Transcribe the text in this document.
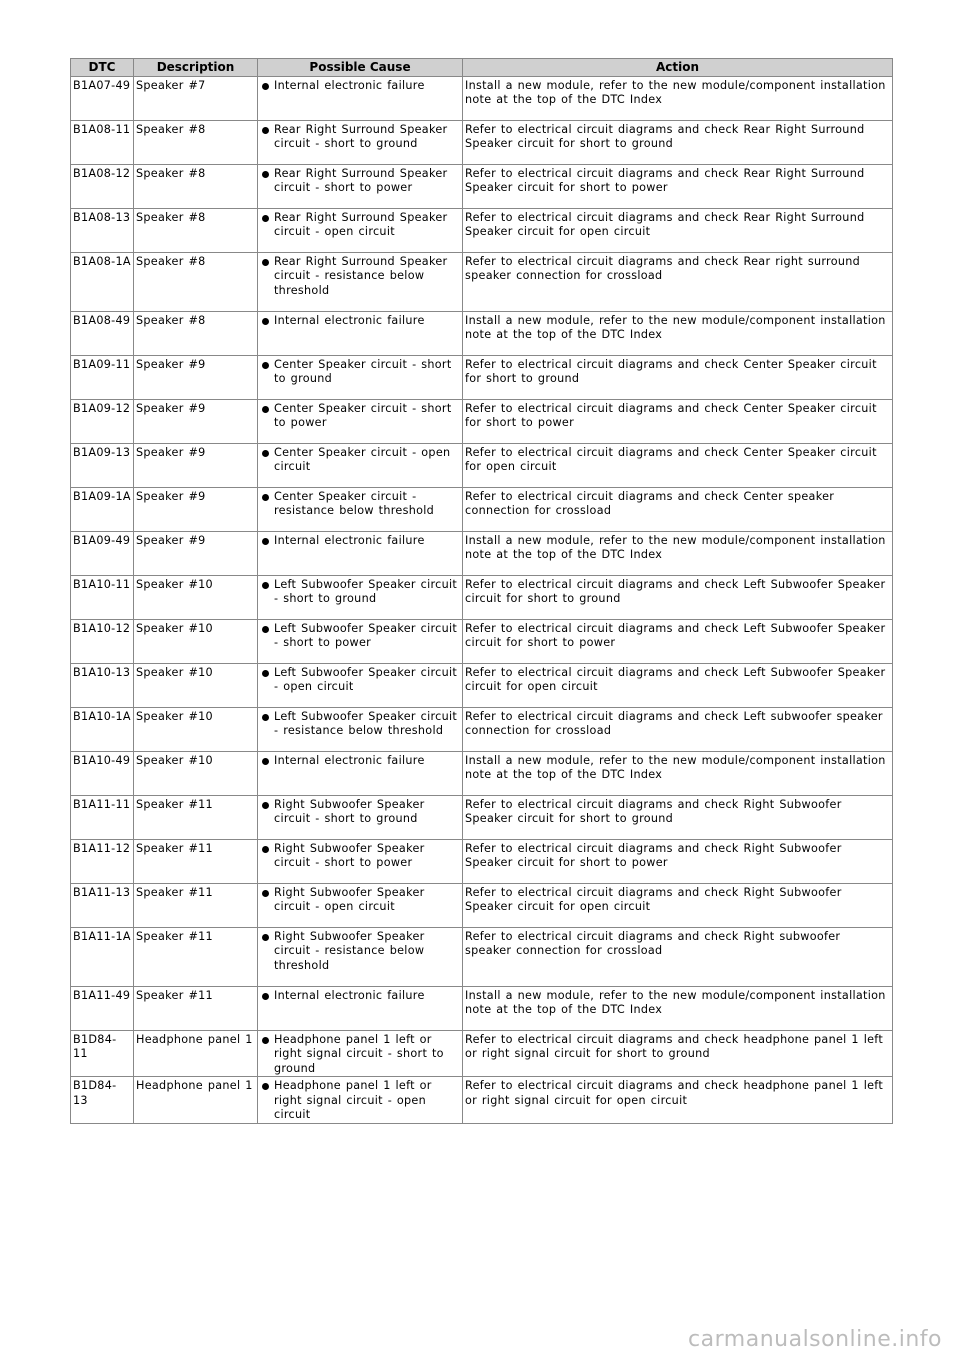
DTC	Description	Possible Cause	Action
B1A07-49	Speaker #7	Internal electronic failure	Install a new module, refer to the new module/component installation note at the top of the DTC Index
B1A08-11	Speaker #8	Rear Right Surround Speaker circuit - short to ground	Refer to electrical circuit diagrams and check Rear Right Surround Speaker circuit for short to ground
B1A08-12	Speaker #8	Rear Right Surround Speaker circuit - short to power	Refer to electrical circuit diagrams and check Rear Right Surround Speaker circuit for short to power
B1A08-13	Speaker #8	Rear Right Surround Speaker circuit - open circuit	Refer to electrical circuit diagrams and check Rear Right Surround Speaker circuit for open circuit
B1A08-1A	Speaker #8	Rear Right Surround Speaker circuit - resistance below threshold	Refer to electrical circuit diagrams and check Rear right surround speaker connection for crossload
B1A08-49	Speaker #8	Internal electronic failure	Install a new module, refer to the new module/component installation note at the top of the DTC Index
B1A09-11	Speaker #9	Center Speaker circuit - short to ground	Refer to electrical circuit diagrams and check Center Speaker circuit for short to ground
B1A09-12	Speaker #9	Center Speaker circuit - short to power	Refer to electrical circuit diagrams and check Center Speaker circuit for short to power
B1A09-13	Speaker #9	Center Speaker circuit - open circuit	Refer to electrical circuit diagrams and check Center Speaker circuit for open circuit
B1A09-1A	Speaker #9	Center Speaker circuit - resistance below threshold	Refer to electrical circuit diagrams and check Center speaker connection for crossload
B1A09-49	Speaker #9	Internal electronic failure	Install a new module, refer to the new module/component installation note at the top of the DTC Index
B1A10-11	Speaker #10	Left Subwoofer Speaker circuit - short to ground	Refer to electrical circuit diagrams and check Left Subwoofer Speaker circuit for short to ground
B1A10-12	Speaker #10	Left Subwoofer Speaker circuit - short to power	Refer to electrical circuit diagrams and check Left Subwoofer Speaker circuit for short to power
B1A10-13	Speaker #10	Left Subwoofer Speaker circuit - open circuit	Refer to electrical circuit diagrams and check Left Subwoofer Speaker circuit for open circuit
B1A10-1A	Speaker #10	Left Subwoofer Speaker circuit - resistance below threshold	Refer to electrical circuit diagrams and check Left subwoofer speaker connection for crossload
B1A10-49	Speaker #10	Internal electronic failure	Install a new module, refer to the new module/component installation note at the top of the DTC Index
B1A11-11	Speaker #11	Right Subwoofer Speaker circuit - short to ground	Refer to electrical circuit diagrams and check Right Subwoofer Speaker circuit for short to ground
B1A11-12	Speaker #11	Right Subwoofer Speaker circuit - short to power	Refer to electrical circuit diagrams and check Right Subwoofer Speaker circuit for short to power
B1A11-13	Speaker #11	Right Subwoofer Speaker circuit - open circuit	Refer to electrical circuit diagrams and check Right Subwoofer Speaker circuit for open circuit
B1A11-1A	Speaker #11	Right Subwoofer Speaker circuit - resistance below threshold	Refer to electrical circuit diagrams and check Right subwoofer speaker connection for crossload
B1A11-49	Speaker #11	Internal electronic failure	Install a new module, refer to the new module/component installation note at the top of the DTC Index
B1D84-11	Headphone panel 1	Headphone panel 1 left or right signal circuit - short to ground	Refer to electrical circuit diagrams and check headphone panel 1 left or right signal circuit for short to ground
B1D84-13	Headphone panel 1	Headphone panel 1 left or right signal circuit - open circuit	Refer to electrical circuit diagrams and check headphone panel 1 left or right signal circuit for open circuit
carmanualsonline.info
